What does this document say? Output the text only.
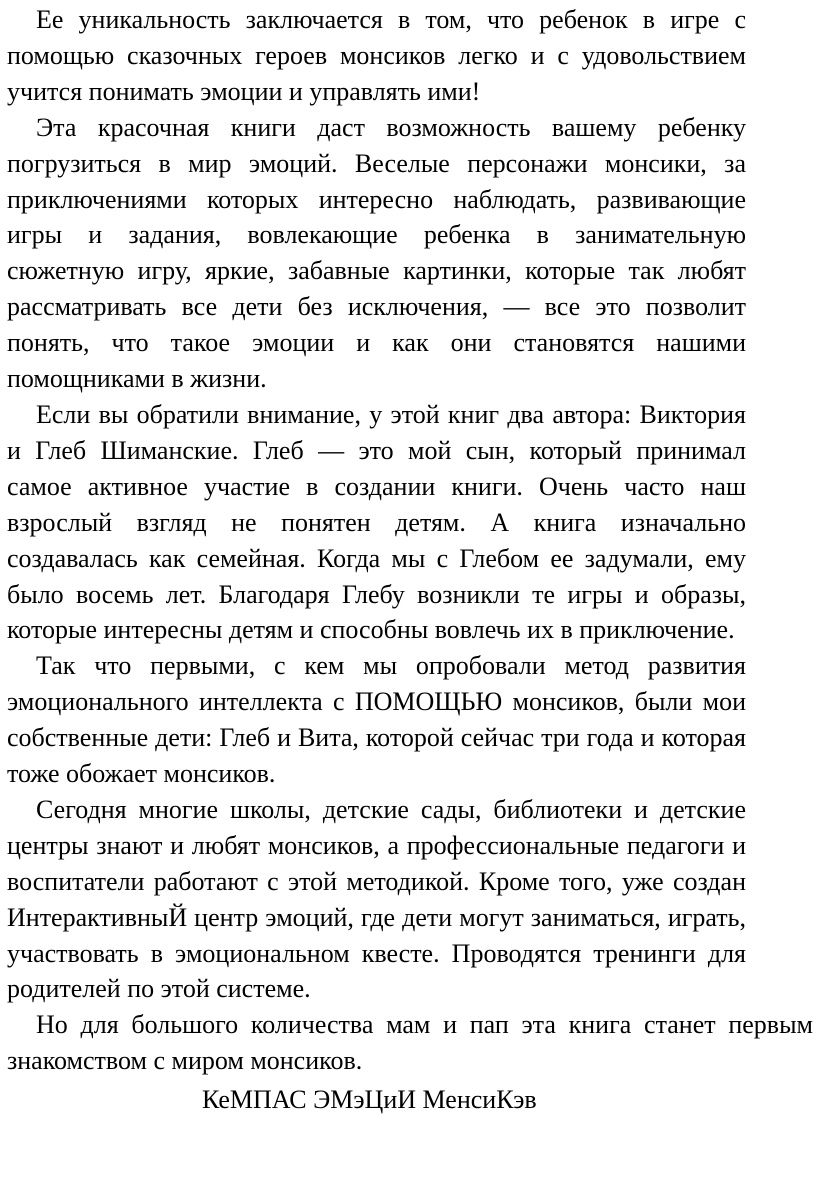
Ее уникальность заключается в том, что ребенок в игре с помощью сказочных героев монсиков легко и с удовольствием учится понимать эмоции и управлять ими!

Эта красочная книги даст возможность вашему ребенку погрузиться в мир эмоций. Веселые персонажи монсики, за приключениями которых интересно наблюдать, развивающие игры и задания, вовлекающие ребенка в занимательную сюжетную игру, яркие, забавные картинки, которые так любят рассматривать все дети без исключения, — все это позволит понять, что такое эмоции и как они становятся нашими помощниками в жизни.

Если вы обратили внимание, у этой книг два автора: Виктория и Глеб Шиманские. Глеб — это мой сын, который принимал самое активное участие в создании книги. Очень часто наш взрослый взгляд не понятен детям. А книга изначально создавалась как семейная. Когда мы с Глебом ее задумали, ему было восемь лет. Благодаря Глебу возникли те игры и образы, которые интересны детям и способны вовлечь их в приключение.

Так что первыми, с кем мы опробовали метод развития эмоционального интеллекта с ПОМОЩЬЮ монсиков, были мои собственные дети: Глеб и Вита, которой сейчас три года и которая тоже обожает монсиков.

Сегодня многие школы, детские сады, библиотеки и детские центры знают и любят монсиков, а профессиональные педагоги и воспитатели работают с этой методикой. Кроме того, уже создан ИнтерактивныЙ центр эмоций, где дети могут заниматься, играть, участвовать в эмоциональном квесте. Проводятся тренинги для родителей по этой системе.

Но для большого количества мам и пап эта книга станет первым знакомством с миром монсиков.

КеМПАС ЭМэЦиИ МенсиКэв
